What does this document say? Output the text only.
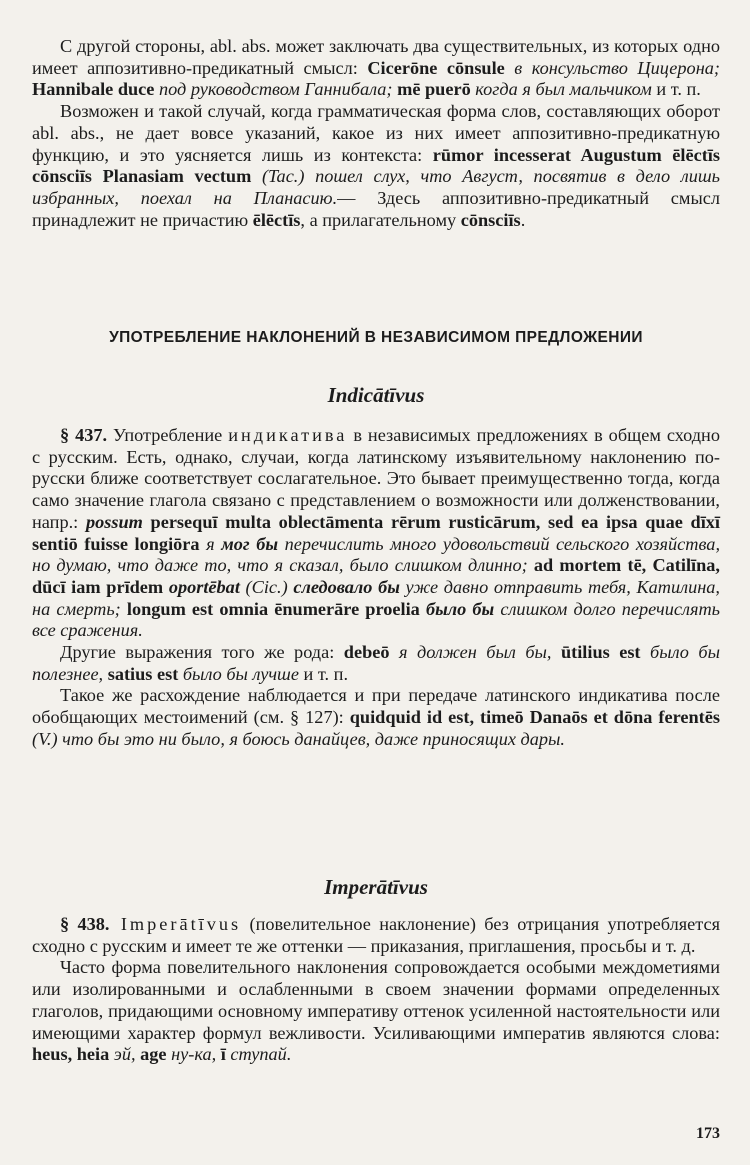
С другой стороны, abl. abs. может заключать два существительных, из которых одно имеет аппозитивно-предикатный смысл: Cicerōne cōnsule в консульство Цицерона; Hannibale duce под руководством Ганнибала; mē puerō когда я был мальчиком и т. п.

Возможен и такой случай, когда грамматическая форма слов, составляющих оборот abl. abs., не дает вовсе указаний, какое из них имеет аппозитивно-предикатную функцию, и это уясняется лишь из контекста: rūmor incesserat Augustum ēlēctīs cōnsciīs Planasiam vectum (Tac.) пошел слух, что Август, посвятив в дело лишь избранных, поехал на Планасию.— Здесь аппозитивно-предикатный смысл принадлежит не причастию ēlēctīs, а прилагательному cōnsciīs.

УПОТРЕБЛЕНИЕ НАКЛОНЕНИЙ В НЕЗАВИСИМОМ ПРЕДЛОЖЕНИИ
Indicātīvus

§ 437. Употребление индикатива в независимых предложениях в общем сходно с русским. Есть, однако, случаи, когда латинскому изъявительному наклонению по-русски ближе соответствует сослагательное. Это бывает преимущественно тогда, когда само значение глагола связано с представлением о возможности или долженствовании, напр.: possum persequī multa oblectāmenta rērum rusticārum, sed ea ipsa quae dīxī sentiō fuisse longiōra я мог бы перечислить много удовольствий сельского хозяйства, но думаю, что даже то, что я сказал, было слишком длинно; ad mortem tē, Catilīna, dūcī iam prīdem oportēbat (Cic.) следовало бы уже давно отправить тебя, Катилина, на смерть; longum est omnia ēnumerāre proelia было бы слишком долго перечислять все сражения.

Другие выражения того же рода: debeō я должен был бы, ūtilius est было бы полезнее, satius est было бы лучше и т. п.

Такое же расхождение наблюдается и при передаче латинского индикатива после обобщающих местоимений (см. § 127): quidquid id est, timeō Danaōs et dōna ferentēs (V.) что бы это ни было, я боюсь данайцев, даже приносящих дары.

Imperātīvus

§ 438. Imperātīvus (повелительное наклонение) без отрицания употребляется сходно с русским и имеет те же оттенки — приказания, приглашения, просьбы и т. д.

Часто форма повелительного наклонения сопровождается особыми междометиями или изолированными и ослабленными в своем значении формами определенных глаголов, придающими основному императиву оттенок усиленной настоятельности или имеющими характер формул вежливости. Усиливающими императив являются слова: heus, heia эй, age ну-ка, ī ступай.

173
